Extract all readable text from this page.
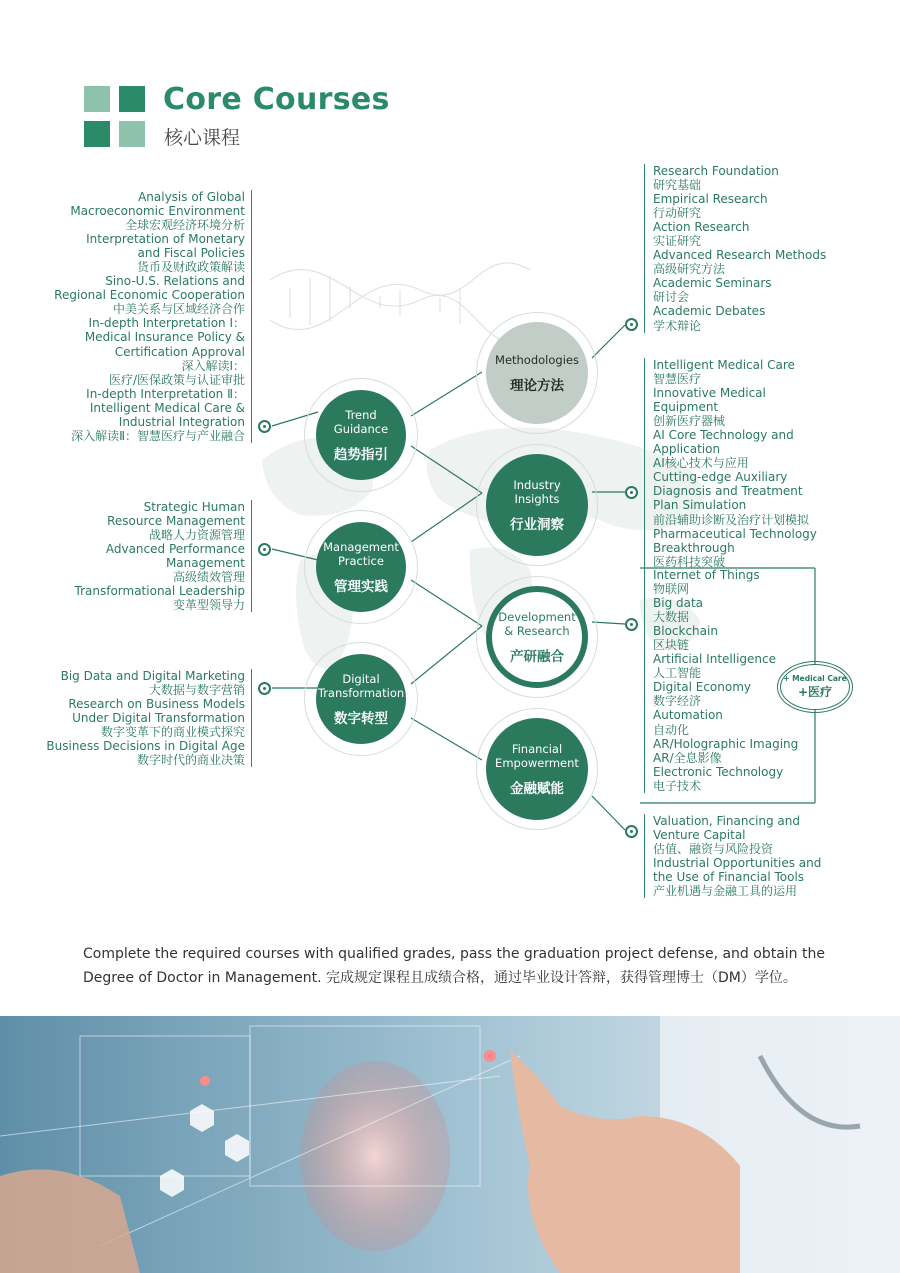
Core Courses
核心课程
Analysis of Global
Macroeconomic Environment
全球宏观经济环境分析
Interpretation of Monetary
and Fiscal Policies
货币及财政政策解读
Sino-U.S. Relations and
Regional Economic Cooperation
中美关系与区域经济合作
In-depth Interpretation Ⅰ：
Medical Insurance Policy &
Certification Approval
深入解读Ⅰ：
医疗/医保政策与认证审批
In-depth Interpretation Ⅱ：
Intelligent Medical Care &
Industrial Integration
深入解读Ⅱ：智慧医疗与产业融合
Strategic Human
Resource Management
战略人力资源管理
Advanced Performance
Management
高级绩效管理
Transformational Leadership
变革型领导力
Big Data and Digital Marketing
大数据与数字营销
Research on Business Models
Under Digital Transformation
数字变革下的商业模式探究
Business Decisions in Digital Age
数字时代的商业决策
Research Foundation
研究基础
Empirical Research
行动研究
Action Research
实证研究
Advanced Research Methods
高级研究方法
Academic Seminars
研讨会
Academic Debates
学术辩论
Intelligent Medical Care
智慧医疗
Innovative Medical
Equipment
创新医疗器械
AI Core Technology and
Application
AI核心技术与应用
Cutting-edge Auxiliary
Diagnosis and Treatment
Plan Simulation
前沿辅助诊断及治疗计划模拟
Pharmaceutical Technology
Breakthrough
医药科技突破
Internet of Things
物联网
Big data
大数据
Blockchain
区块链
Artificial Intelligence
人工智能
Digital Economy
数字经济
Automation
自动化
AR/Holographic Imaging
AR/全息影像
Electronic Technology
电子技术
Valuation, Financing and
Venture Capital
估值、融资与风险投资
Industrial Opportunities and
the Use of Financial Tools
产业机遇与金融工具的运用
Trend
Guidance
趋势指引
Management
Practice
管理实践
Digital
Transformation
数字转型
Methodologies
理论方法
Industry
Insights
行业洞察
Development
& Research
产研融合
Financial
Empowerment
金融赋能
+ Medical Care
+医疗
Complete the required courses with qualified grades, pass the graduation project defense, and obtain the Degree of Doctor in Management. 完成规定课程且成绩合格，通过毕业设计答辩，获得管理博士（DM）学位。
